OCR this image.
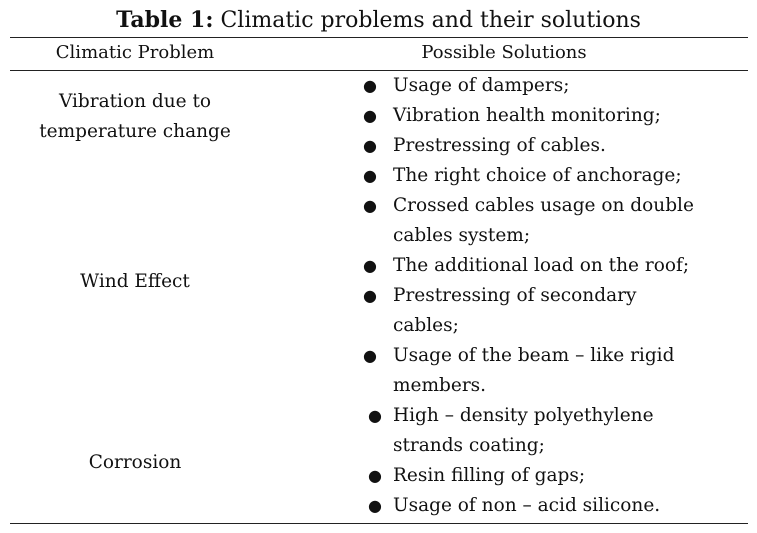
Table 1: Climatic problems and their solutions
Climatic Problem	Possible Solutions
Vibration due to temperature change
Wind Effect
Corrosion
● Usage of dampers;
● Vibration health monitoring;
● Prestressing of cables.
● The right choice of anchorage;
● Crossed cables usage on double
cables system;
● The additional load on the roof;
● Prestressing of secondary
cables;
● Usage of the beam – like rigid
members.
● High – density polyethylene
strands coating;
● Resin filling of gaps;
● Usage of non – acid silicone.
